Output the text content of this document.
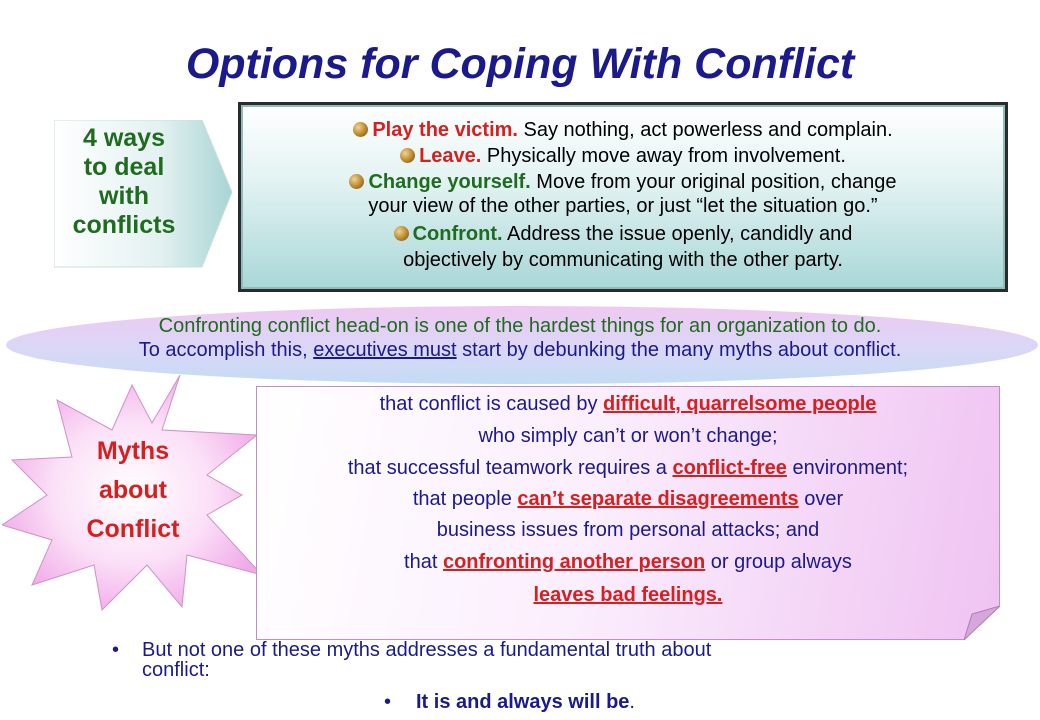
Options for Coping With Conflict
4 ways
to deal
with
conflicts
Play the victim. Say nothing, act powerless and complain.
Leave. Physically move away from involvement.
Change yourself. Move from your original position, change
your view of the other parties, or just “let the situation go.”
Confront. Address the issue openly, candidly and
objectively by communicating with the other party.
Confronting conflict head-on is one of the hardest things for an organization to do.
To accomplish this, executives must start by debunking the many myths about conflict.
Myths
about
Conflict
that conflict is caused by difficult, quarrelsome people
who simply can’t or won’t change;
that successful teamwork requires a conflict-free environment;
that people can’t separate disagreements over
business issues from personal attacks; and
that confronting another person or group always
leaves bad feelings.
• But not one of these myths addresses a fundamental truth about
conflict:
• It is and always will be.
